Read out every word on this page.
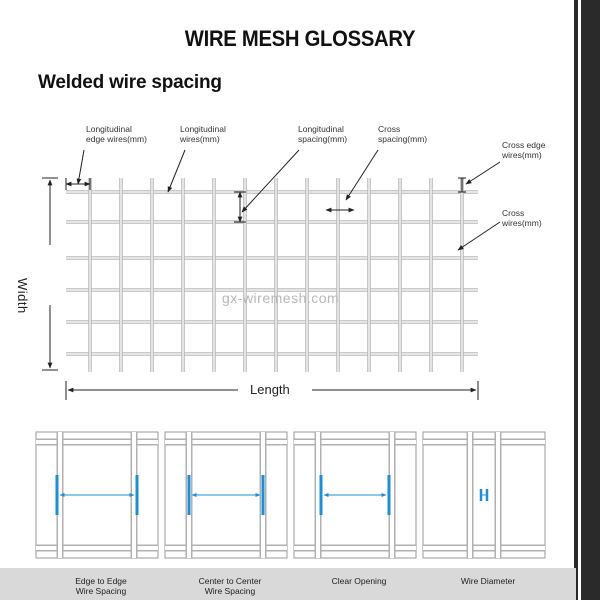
WIRE MESH GLOSSARY
Welded wire spacing
Longitudinal
edge wires(mm)
Longitudinal
wires(mm)
Longitudinal
spacing(mm)
Cross
spacing(mm)
Cross edge
wires(mm)
Cross
wires(mm)
Width
Length
gx-wiremesh.com
Edge to Edge
Wire Spacing
Center to Center
Wire Spacing
Clear Opening	Wire Diameter
